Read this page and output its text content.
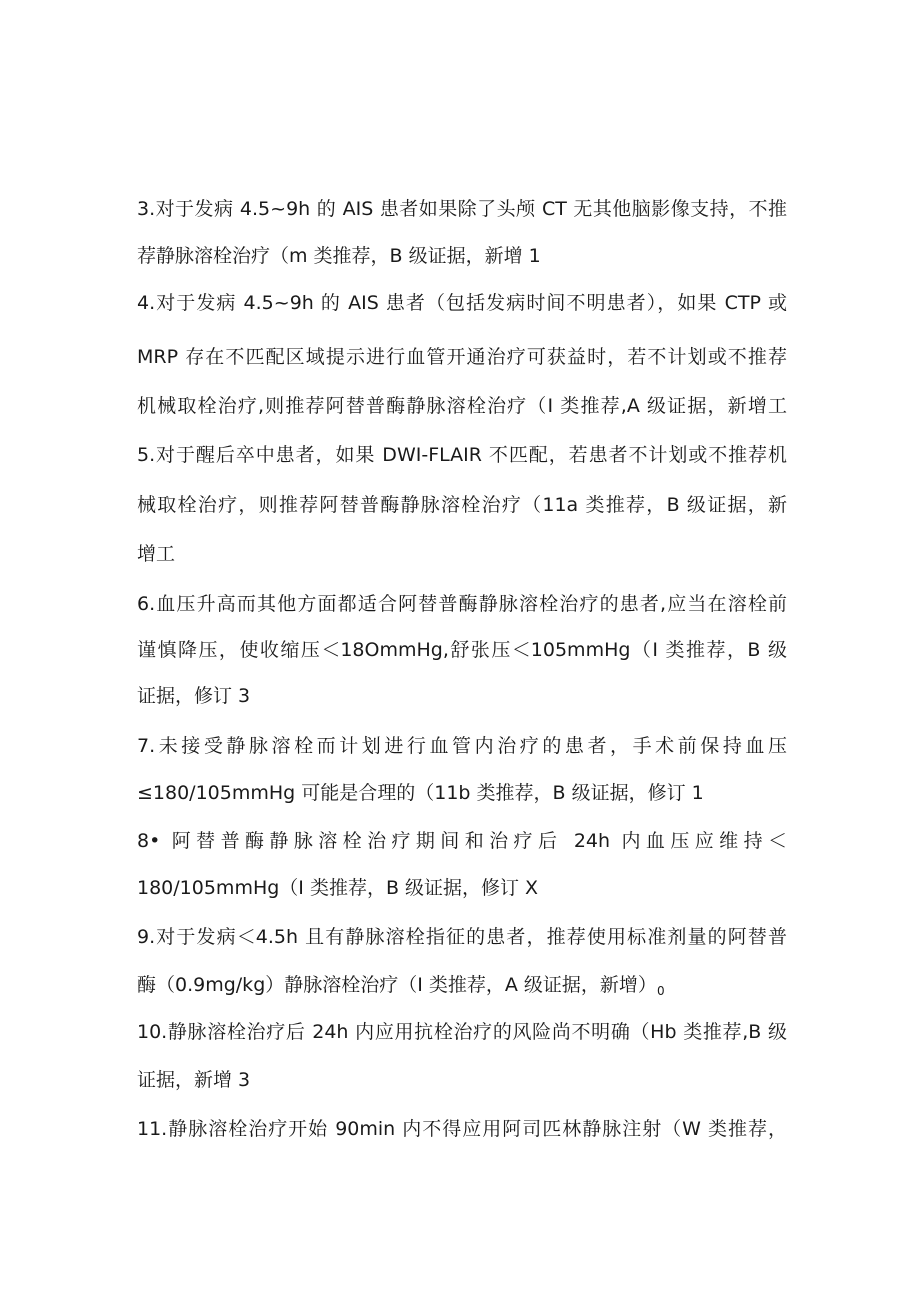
3.对于发病 4.5~9h 的 AIS 患者如果除了头颅 CT 无其他脑影像支持，不推
荐静脉溶栓治疗（m 类推荐，B 级证据，新增 1
4.对于发病 4.5~9h 的 AIS 患者（包括发病时间不明患者），如果 CTP 或
MRP 存在不匹配区域提示进行血管开通治疗可获益时，若不计划或不推荐
机械取栓治疗,则推荐阿替普酶静脉溶栓治疗（I 类推荐,A 级证据，新增工
5.对于醒后卒中患者，如果 DWI-FLAIR 不匹配，若患者不计划或不推荐机
械取栓治疗，则推荐阿替普酶静脉溶栓治疗（11a 类推荐，B 级证据，新
增工
6.血压升高而其他方面都适合阿替普酶静脉溶栓治疗的患者,应当在溶栓前
谨慎降压，使收缩压＜18OmmHg,舒张压＜105mmHg（I 类推荐，B 级
证据，修订 3
7.未接受静脉溶栓而计划进行血管内治疗的患者，手术前保持血压
≤180/105mmHg 可能是合理的（11b 类推荐，B 级证据，修订 1
8• 阿替普酶静脉溶栓治疗期间和治疗后 24h 内血压应维持＜
180/105mmHg（I 类推荐，B 级证据，修订 X
9.对于发病＜4.5h 且有静脉溶栓指征的患者，推荐使用标准剂量的阿替普
酶（0.9mg/kg）静脉溶栓治疗（I 类推荐，A 级证据，新增）$_0$
10.静脉溶栓治疗后 24h 内应用抗栓治疗的风险尚不明确（Hb 类推荐,B 级
证据，新增 3
11.静脉溶栓治疗开始 90min 内不得应用阿司匹林静脉注射（W 类推荐，
